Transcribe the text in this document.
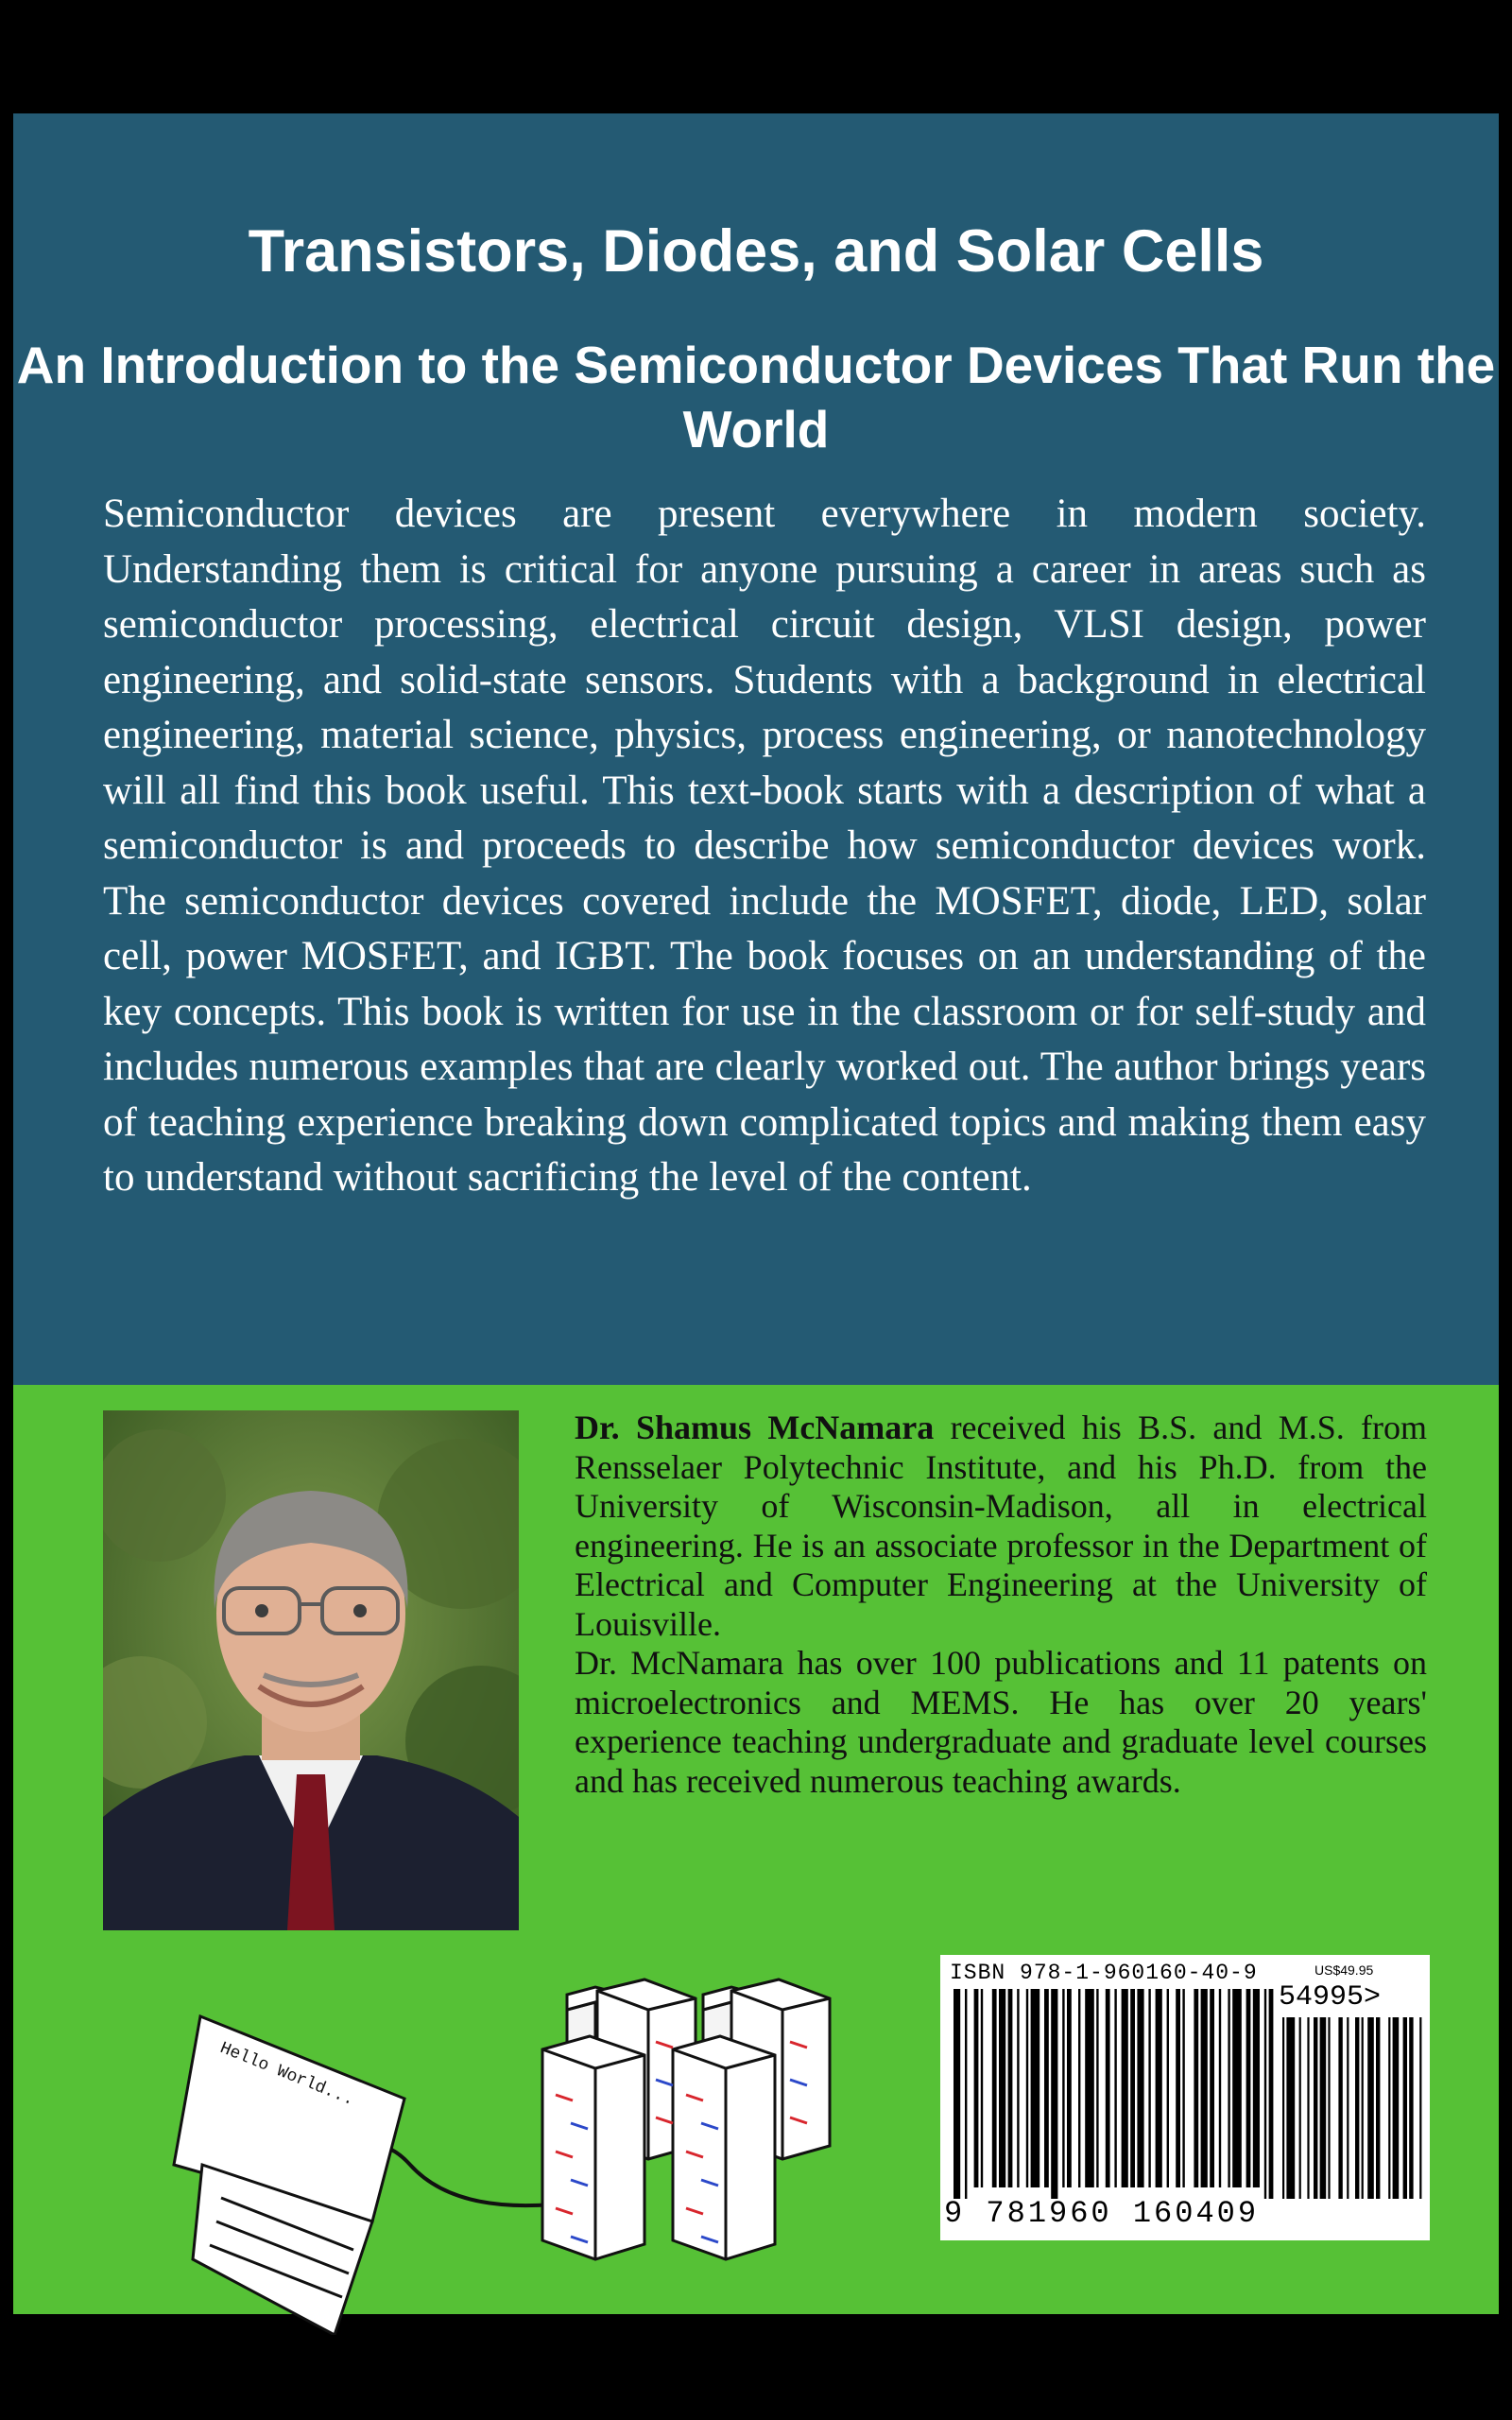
Transistors, Diodes, and Solar Cells
An Introduction to the Semiconductor Devices That Run the World

Semiconductor devices are present everywhere in modern society. Understanding them is critical for anyone pursuing a career in areas such as semiconductor processing, electrical circuit design, VLSI design, power engineering, and solid-state sensors. Students with a background in electrical engineering, material science, physics, process engineering, or nanotechnology will all find this book useful. This text-book starts with a description of what a semiconductor is and proceeds to describe how semiconductor devices work. The semiconductor devices covered include the MOSFET, diode, LED, solar cell, power MOSFET, and IGBT. The book focuses on an understanding of the key concepts. This book is written for use in the classroom or for self-study and includes numerous examples that are clearly worked out. The author brings years of teaching experience breaking down complicated topics and making them easy to understand without sacrificing the level of the content.

Dr. Shamus McNamara received his B.S. and M.S. from Rensselaer Polytechnic Institute, and his Ph.D. from the University of Wisconsin-Madison, all in electrical engineering. He is an associate professor in the Department of Electrical and Computer Engineering at the University of Louisville.

Dr. McNamara has over 100 publications and 11 patents on microelectronics and MEMS. He has over 20 years' experience teaching undergraduate and graduate level courses and has received numerous teaching awards.

Hello World...
ISBN 978-1-960160-40-9	US$49.95
54995>
9 781960 160409
